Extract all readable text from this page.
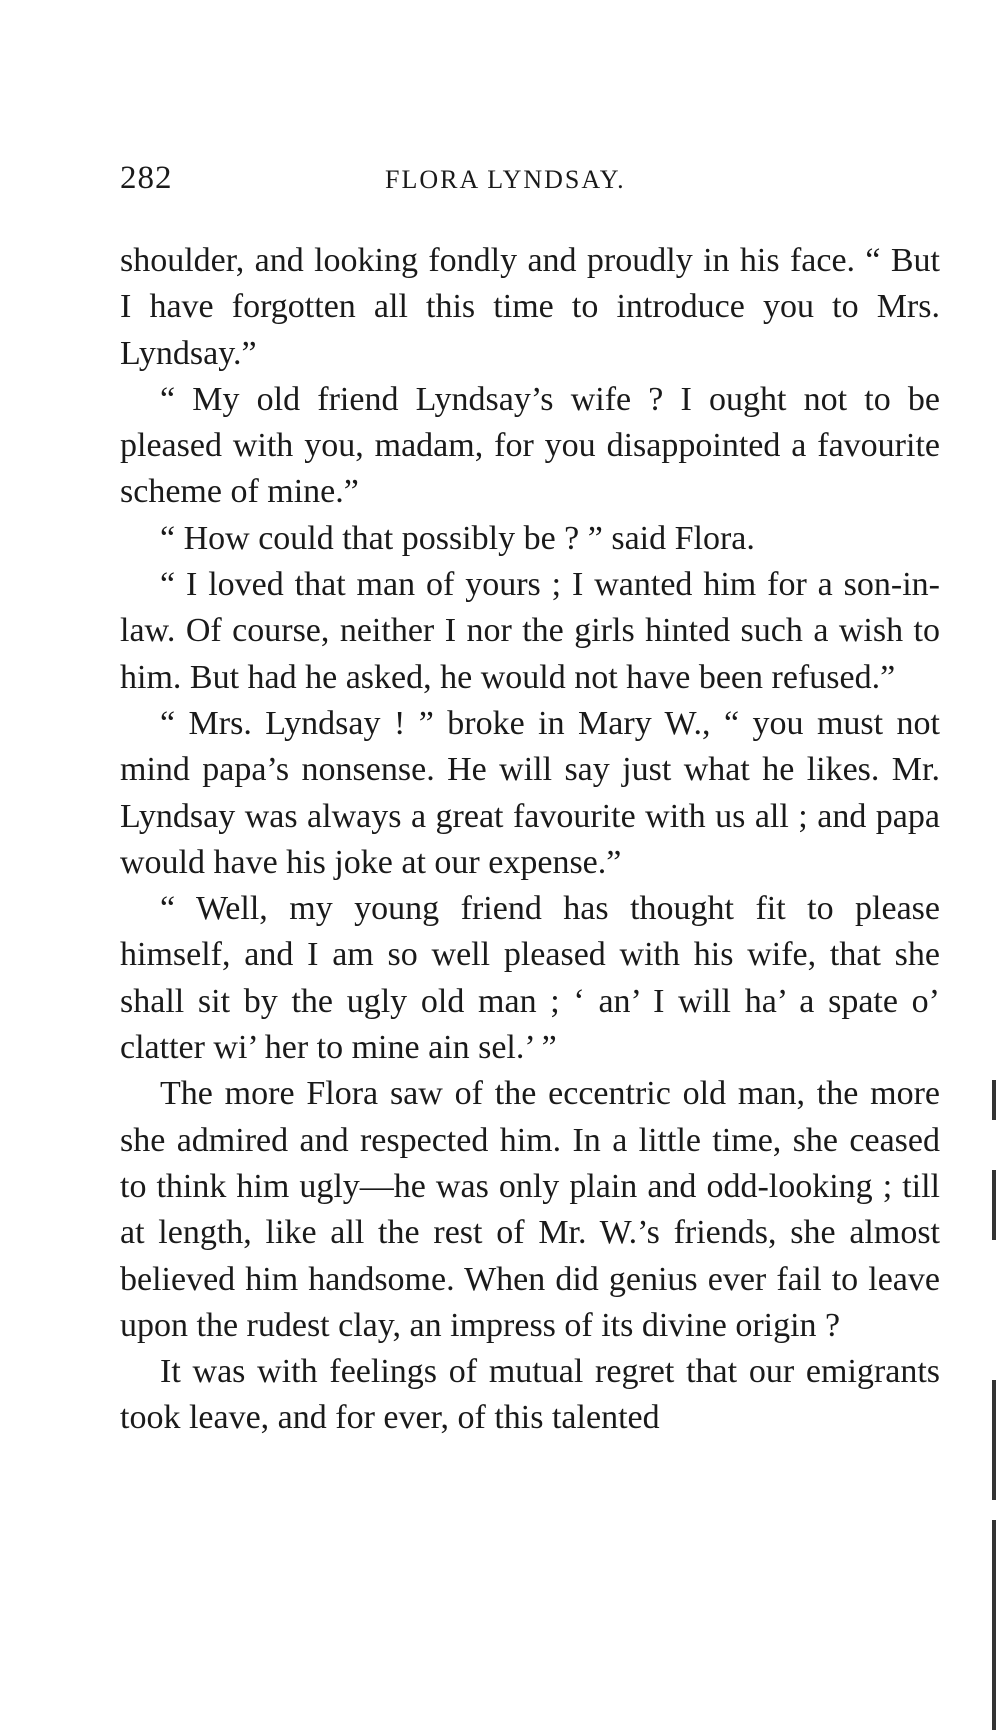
282	FLORA LYNDSAY.

shoulder, and looking fondly and proudly in his face. “ But I have forgotten all this time to introduce you to Mrs. Lyndsay.”

“ My old friend Lyndsay’s wife ? I ought not to be pleased with you, madam, for you disappointed a favourite scheme of mine.”

“ How could that possibly be ? ” said Flora.

“ I loved that man of yours ; I wanted him for a son-in-law. Of course, neither I nor the girls hinted such a wish to him. But had he asked, he would not have been refused.”

“ Mrs. Lyndsay ! ” broke in Mary W., “ you must not mind papa’s nonsense. He will say just what he likes. Mr. Lyndsay was always a great favourite with us all ; and papa would have his joke at our expense.”

“ Well, my young friend has thought fit to please himself, and I am so well pleased with his wife, that she shall sit by the ugly old man ; ‘ an’ I will ha’ a spate o’ clatter wi’ her to mine ain sel.’ ”

The more Flora saw of the eccentric old man, the more she admired and respected him. In a little time, she ceased to think him ugly—he was only plain and odd-looking ; till at length, like all the rest of Mr. W.’s friends, she almost believed him handsome. When did genius ever fail to leave upon the rudest clay, an impress of its divine origin ?

It was with feelings of mutual regret that our emigrants took leave, and for ever, of this talented
